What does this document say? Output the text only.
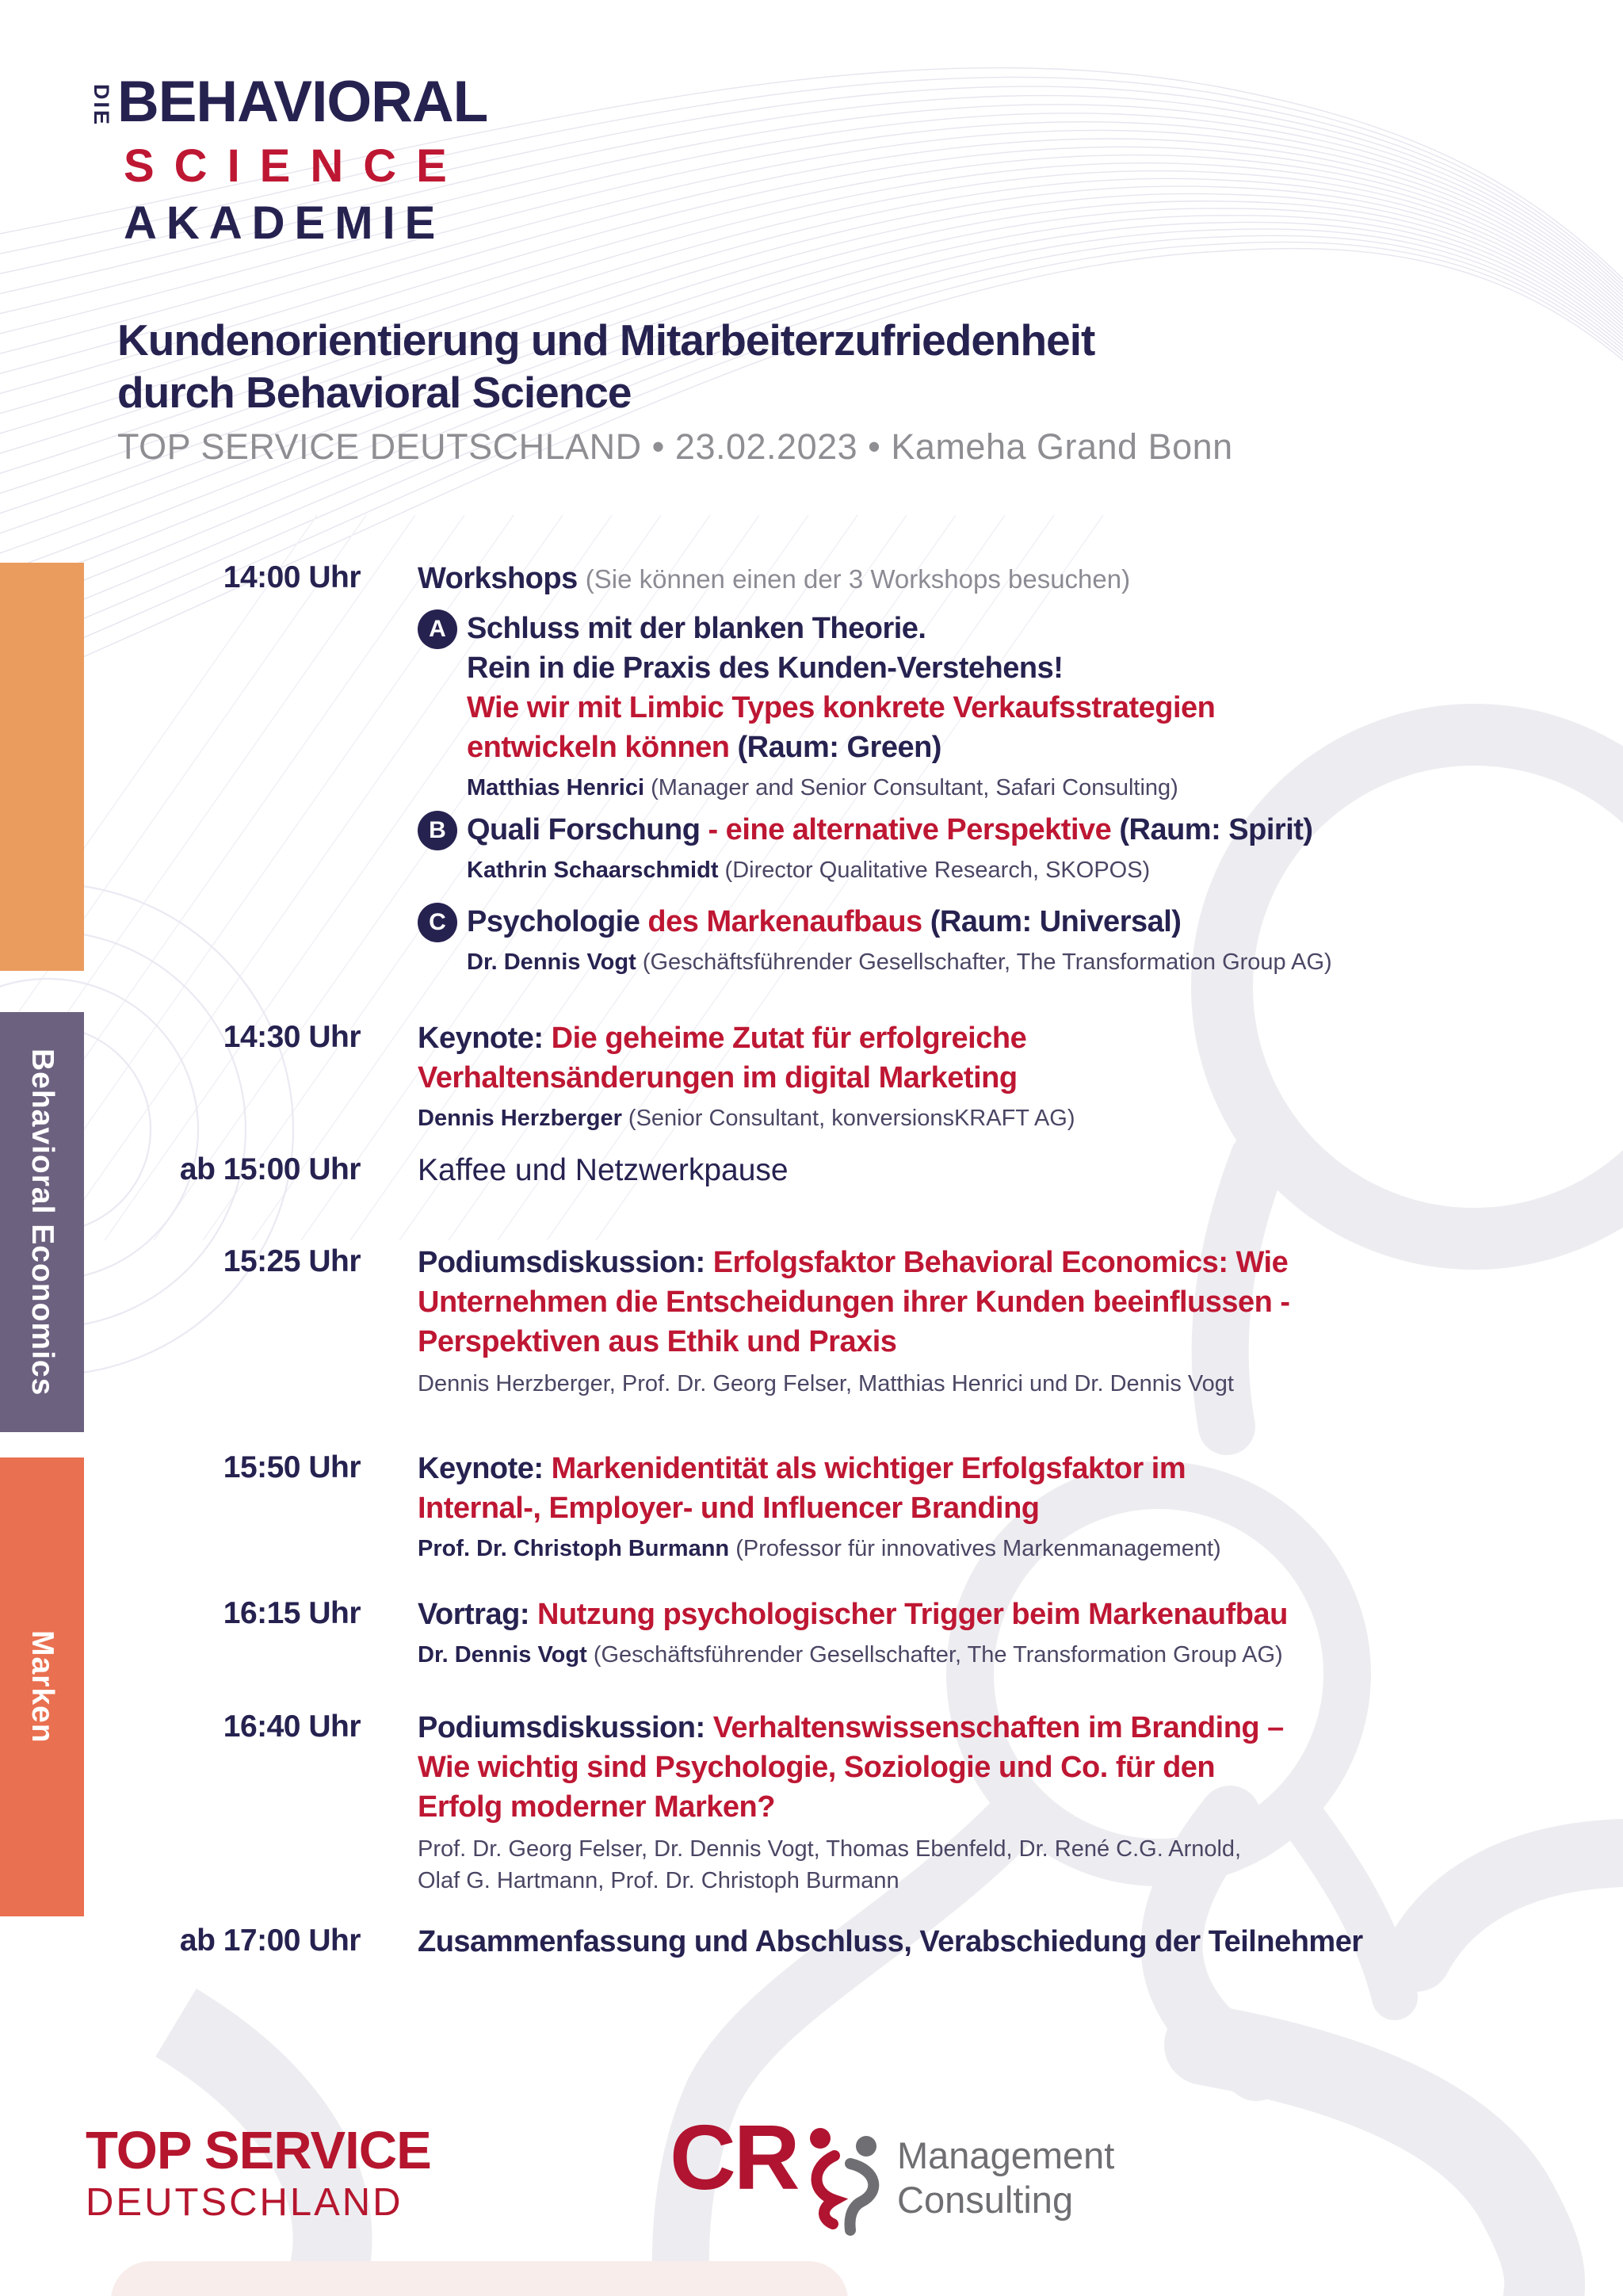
DIE BEHAVIORAL
SCIENCE
AKADEMIE
Kundenorientierung und Mitarbeiterzufriedenheit
durch Behavioral Science
TOP SERVICE DEUTSCHLAND • 23.02.2023 • Kameha Grand Bonn
Behavioral Economics
Marken
14:00 Uhr Workshops (Sie können einen der 3 Workshops besuchen)
A Schluss mit der blanken Theorie.
Rein in die Praxis des Kunden-Verstehens!
Wie wir mit Limbic Types konkrete Verkaufsstrategien entwickeln können (Raum: Green)
Matthias Henrici (Manager and Senior Consultant, Safari Consulting)
B Quali Forschung - eine alternative Perspektive (Raum: Spirit)
Kathrin Schaarschmidt (Director Qualitative Research, SKOPOS)
C Psychologie des Markenaufbaus (Raum: Universal)
Dr. Dennis Vogt (Geschäftsführender Gesellschafter, The Transformation Group AG)
14:30 Uhr Keynote: Die geheime Zutat für erfolgreiche Verhaltensänderungen im digital Marketing
Dennis Herzberger (Senior Consultant, konversionsKRAFT AG)
ab 15:00 Uhr Kaffee und Netzwerkpause
15:25 Uhr Podiumsdiskussion: Erfolgsfaktor Behavioral Economics: Wie Unternehmen die Entscheidungen ihrer Kunden beeinflussen - Perspektiven aus Ethik und Praxis
Dennis Herzberger, Prof. Dr. Georg Felser, Matthias Henrici und Dr. Dennis Vogt
15:50 Uhr Keynote: Markenidentität als wichtiger Erfolgsfaktor im Internal-, Employer- und Influencer Branding
Prof. Dr. Christoph Burmann (Professor für innovatives Markenmanagement)
16:15 Uhr Vortrag: Nutzung psychologischer Trigger beim Markenaufbau
Dr. Dennis Vogt (Geschäftsführender Gesellschafter, The Transformation Group AG)
16:40 Uhr Podiumsdiskussion: Verhaltenswissenschaften im Branding – Wie wichtig sind Psychologie, Soziologie und Co. für den Erfolg moderner Marken?
Prof. Dr. Georg Felser, Dr. Dennis Vogt, Thomas Ebenfeld, Dr. René C.G. Arnold, Olaf G. Hartmann, Prof. Dr. Christoph Burmann
ab 17:00 Uhr Zusammenfassung und Abschluss, Verabschiedung der Teilnehmer
TOP SERVICE
DEUTSCHLAND	CR	Management
Consulting
